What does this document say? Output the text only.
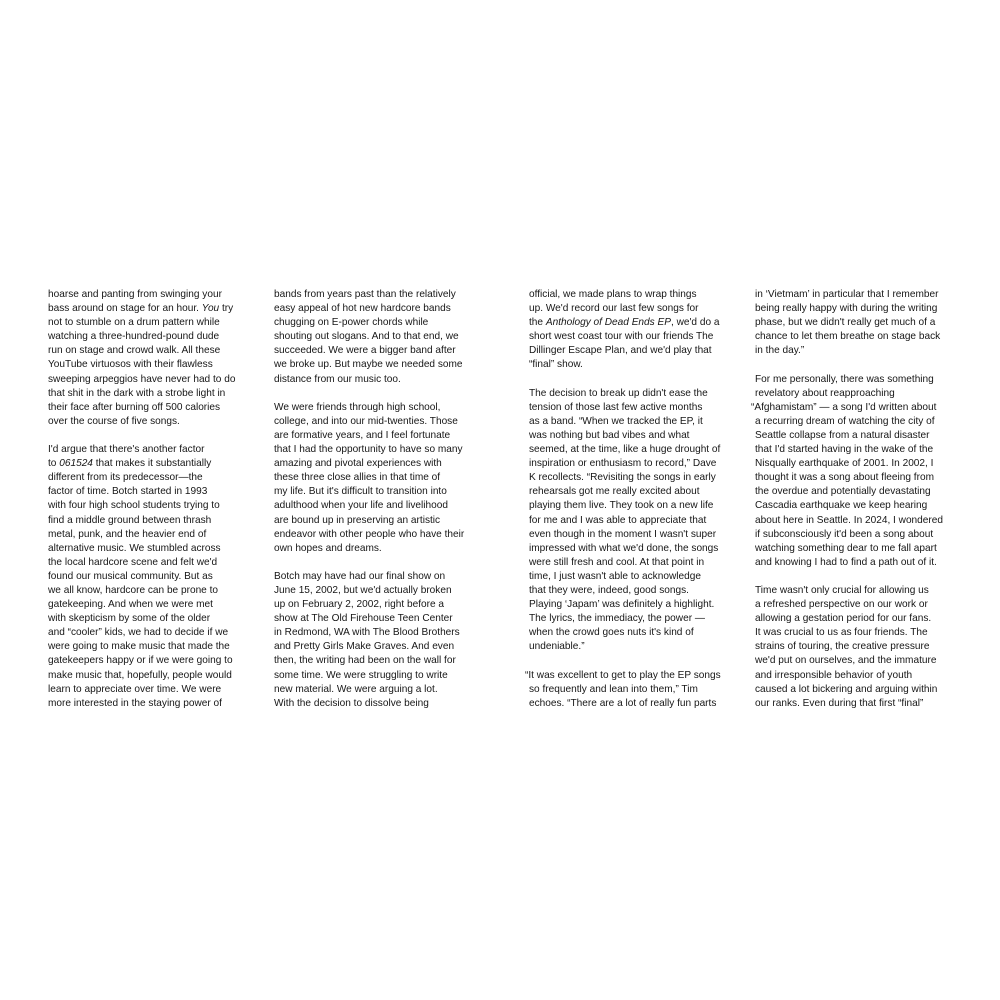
hoarse and panting from swinging your
bass around on stage for an hour. You try
not to stumble on a drum pattern while
watching a three-hundred-pound dude
run on stage and crowd walk. All these
YouTube virtuosos with their flawless
sweeping arpeggios have never had to do
that shit in the dark with a strobe light in
their face after burning off 500 calories
over the course of five songs.

I'd argue that there's another factor
to 061524 that makes it substantially
different from its predecessor—the
factor of time. Botch started in 1993
with four high school students trying to
find a middle ground between thrash
metal, punk, and the heavier end of
alternative music. We stumbled across
the local hardcore scene and felt we'd
found our musical community. But as
we all know, hardcore can be prone to
gatekeeping. And when we were met
with skepticism by some of the older
and “cooler” kids, we had to decide if we
were going to make music that made the
gatekeepers happy or if we were going to
make music that, hopefully, people would
learn to appreciate over time. We were
more interested in the staying power of

bands from years past than the relatively
easy appeal of hot new hardcore bands
chugging on E-power chords while
shouting out slogans. And to that end, we
succeeded. We were a bigger band after
we broke up. But maybe we needed some
distance from our music too.

We were friends through high school,
college, and into our mid-twenties. Those
are formative years, and I feel fortunate
that I had the opportunity to have so many
amazing and pivotal experiences with
these three close allies in that time of
my life. But it's difficult to transition into
adulthood when your life and livelihood
are bound up in preserving an artistic
endeavor with other people who have their
own hopes and dreams.

Botch may have had our final show on
June 15, 2002, but we'd actually broken
up on February 2, 2002, right before a
show at The Old Firehouse Teen Center
in Redmond, WA with The Blood Brothers
and Pretty Girls Make Graves. And even
then, the writing had been on the wall for
some time. We were struggling to write
new material. We were arguing a lot.
With the decision to dissolve being

official, we made plans to wrap things
up. We'd record our last few songs for
the Anthology of Dead Ends EP, we'd do a
short west coast tour with our friends The
Dillinger Escape Plan, and we'd play that
“final” show.

The decision to break up didn't ease the
tension of those last few active months
as a band. “When we tracked the EP, it
was nothing but bad vibes and what
seemed, at the time, like a huge drought of
inspiration or enthusiasm to record,” Dave
K recollects. “Revisiting the songs in early
rehearsals got me really excited about
playing them live. They took on a new life
for me and I was able to appreciate that
even though in the moment I wasn't super
impressed with what we'd done, the songs
were still fresh and cool. At that point in
time, I just wasn't able to acknowledge
that they were, indeed, good songs.
Playing ‘Japam’ was definitely a highlight.
The lyrics, the immediacy, the power —
when the crowd goes nuts it's kind of
undeniable.”

“It was excellent to get to play the EP songs
so frequently and lean into them,” Tim
echoes. “There are a lot of really fun parts

in ‘Vietmam’ in particular that I remember
being really happy with during the writing
phase, but we didn't really get much of a
chance to let them breathe on stage back
in the day.”

For me personally, there was something
revelatory about reapproaching
“Afghamistam” — a song I'd written about
a recurring dream of watching the city of
Seattle collapse from a natural disaster
that I'd started having in the wake of the
Nisqually earthquake of 2001. In 2002, I
thought it was a song about fleeing from
the overdue and potentially devastating
Cascadia earthquake we keep hearing
about here in Seattle. In 2024, I wondered
if subconsciously it'd been a song about
watching something dear to me fall apart
and knowing I had to find a path out of it.

Time wasn't only crucial for allowing us
a refreshed perspective on our work or
allowing a gestation period for our fans.
It was crucial to us as four friends. The
strains of touring, the creative pressure
we'd put on ourselves, and the immature
and irresponsible behavior of youth
caused a lot bickering and arguing within
our ranks. Even during that first “final”
